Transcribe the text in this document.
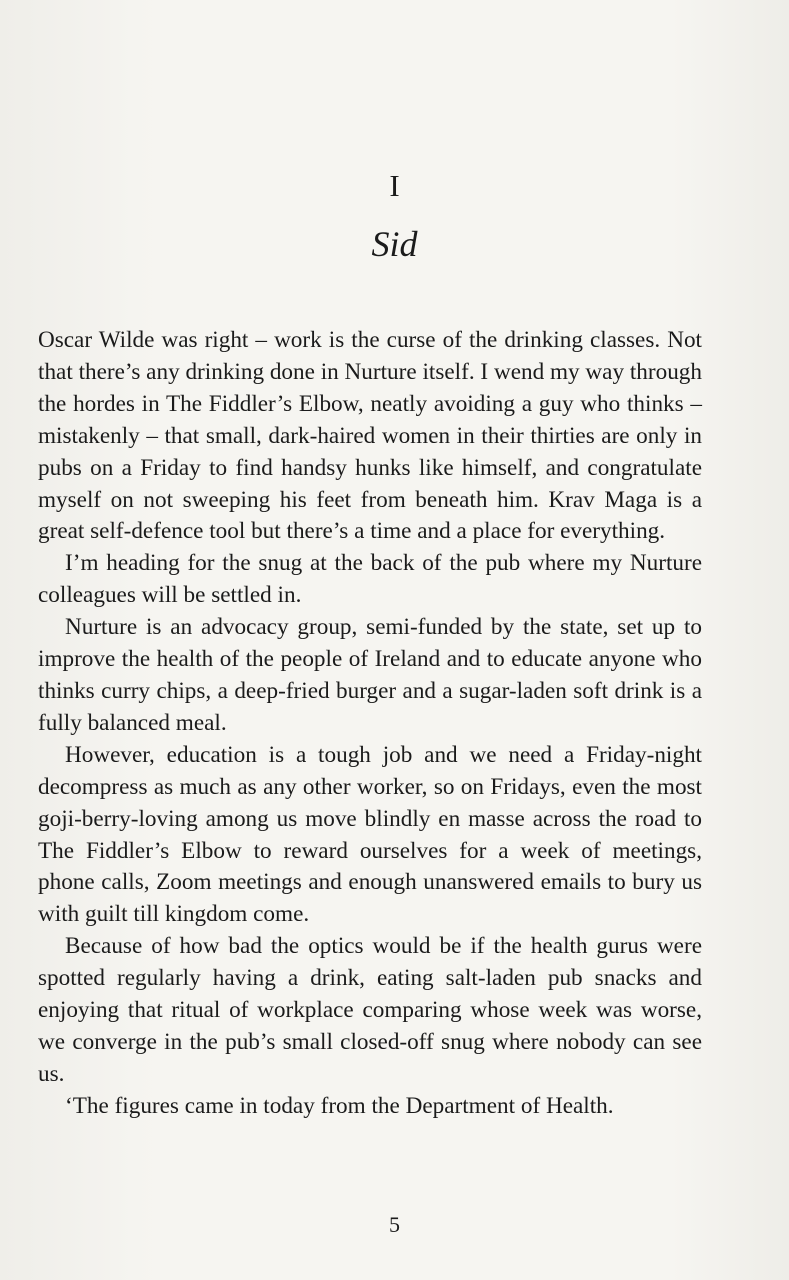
I
Sid

Oscar Wilde was right – work is the curse of the drinking classes. Not that there’s any drinking done in Nurture itself. I wend my way through the hordes in The Fiddler’s Elbow, neatly avoiding a guy who thinks – mistakenly – that small, dark-haired women in their thirties are only in pubs on a Friday to find handsy hunks like himself, and congratulate myself on not sweeping his feet from beneath him. Krav Maga is a great self-defence tool but there’s a time and a place for everything.

I’m heading for the snug at the back of the pub where my Nurture colleagues will be settled in.

Nurture is an advocacy group, semi-funded by the state, set up to improve the health of the people of Ireland and to educate anyone who thinks curry chips, a deep-fried burger and a sugar-laden soft drink is a fully balanced meal.

However, education is a tough job and we need a Friday-night decompress as much as any other worker, so on Fridays, even the most goji-berry-loving among us move blindly en masse across the road to The Fiddler’s Elbow to reward ourselves for a week of meetings, phone calls, Zoom meetings and enough unanswered emails to bury us with guilt till kingdom come.

Because of how bad the optics would be if the health gurus were spotted regularly having a drink, eating salt-laden pub snacks and enjoying that ritual of workplace comparing whose week was worse, we converge in the pub’s small closed-off snug where nobody can see us.

‘The figures came in today from the Department of Health.

5
